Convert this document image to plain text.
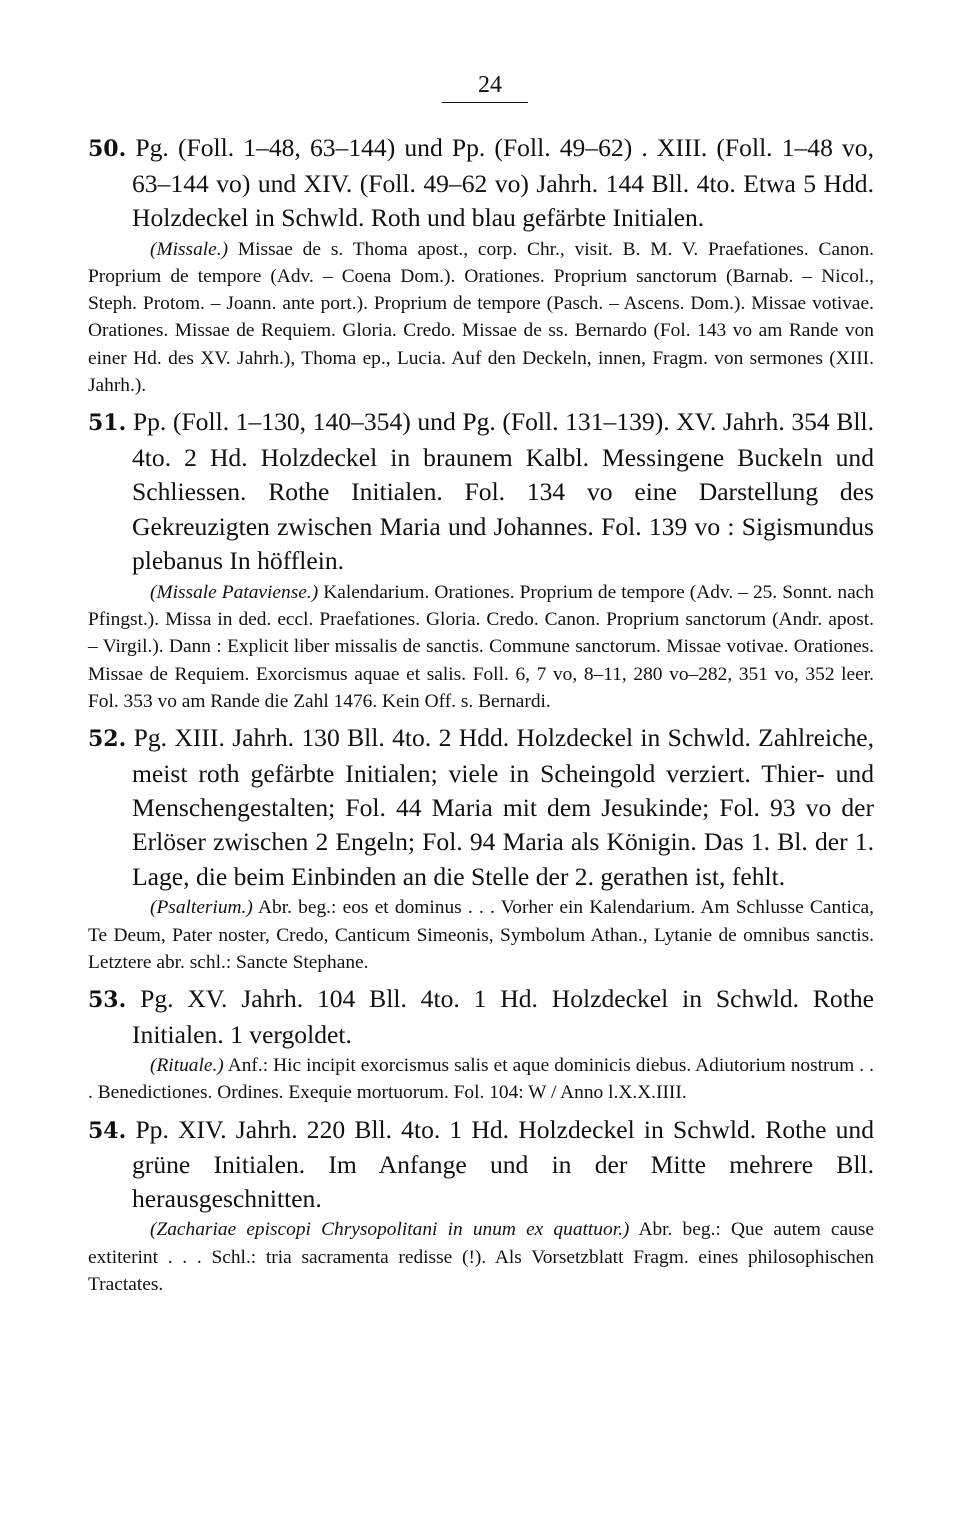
24

50. Pg. (Foll. 1–48, 63–144) und Pp. (Foll. 49–62) . XIII. (Foll. 1–48 vo, 63–144 vo) und XIV. (Foll. 49–62 vo) Jahrh. 144 Bll. 4to. Etwa 5 Hdd. Holzdeckel in Schwld. Roth und blau gefärbte Initialen.

(Missale.) Missae de s. Thoma apost., corp. Chr., visit. B. M. V. Praefationes. Canon. Proprium de tempore (Adv. – Coena Dom.). Orationes. Proprium sanctorum (Barnab. – Nicol., Steph. Protom. – Joann. ante port.). Proprium de tempore (Pasch. – Ascens. Dom.). Missae votivae. Orationes. Missae de Requiem. Gloria. Credo. Missae de ss. Bernardo (Fol. 143 vo am Rande von einer Hd. des XV. Jahrh.), Thoma ep., Lucia. Auf den Deckeln, innen, Fragm. von sermones (XIII. Jahrh.).

51. Pp. (Foll. 1–130, 140–354) und Pg. (Foll. 131–139). XV. Jahrh. 354 Bll. 4to. 2 Hd. Holzdeckel in braunem Kalbl. Messingene Buckeln und Schliessen. Rothe Initialen. Fol. 134 vo eine Darstellung des Gekreuzigten zwischen Maria und Johannes. Fol. 139 vo : Sigismundus plebanus In höfflein.

(Missale Pataviense.) Kalendarium. Orationes. Proprium de tempore (Adv. – 25. Sonnt. nach Pfingst.). Missa in ded. eccl. Praefationes. Gloria. Credo. Canon. Proprium sanctorum (Andr. apost. – Virgil.). Dann : Explicit liber missalis de sanctis. Commune sanctorum. Missae votivae. Orationes. Missae de Requiem. Exorcismus aquae et salis. Foll. 6, 7 vo, 8–11, 280 vo–282, 351 vo, 352 leer. Fol. 353 vo am Rande die Zahl 1476. Kein Off. s. Bernardi.

52. Pg. XIII. Jahrh. 130 Bll. 4to. 2 Hdd. Holzdeckel in Schwld. Zahlreiche, meist roth gefärbte Initialen; viele in Scheingold verziert. Thier- und Menschengestalten; Fol. 44 Maria mit dem Jesukinde; Fol. 93 vo der Erlöser zwischen 2 Engeln; Fol. 94 Maria als Königin. Das 1. Bl. der 1. Lage, die beim Einbinden an die Stelle der 2. gerathen ist, fehlt.

(Psalterium.) Abr. beg.: eos et dominus . . . Vorher ein Kalendarium. Am Schlusse Cantica, Te Deum, Pater noster, Credo, Canticum Simeonis, Symbolum Athan., Lytanie de omnibus sanctis. Letztere abr. schl.: Sancte Stephane.

53. Pg. XV. Jahrh. 104 Bll. 4to. 1 Hd. Holzdeckel in Schwld. Rothe Initialen. 1 vergoldet.

(Rituale.) Anf.: Hic incipit exorcismus salis et aque dominicis diebus. Adiutorium nostrum . . . Benedictiones. Ordines. Exequie mortuorum. Fol. 104: W / Anno l.X.X.IIII.

54. Pp. XIV. Jahrh. 220 Bll. 4to. 1 Hd. Holzdeckel in Schwld. Rothe und grüne Initialen. Im Anfange und in der Mitte mehrere Bll. herausgeschnitten.

(Zachariae episcopi Chrysopolitani in unum ex quattuor.) Abr. beg.: Que autem cause extiterint . . . Schl.: tria sacramenta redisse (!). Als Vorsetzblatt Fragm. eines philosophischen Tractates.
